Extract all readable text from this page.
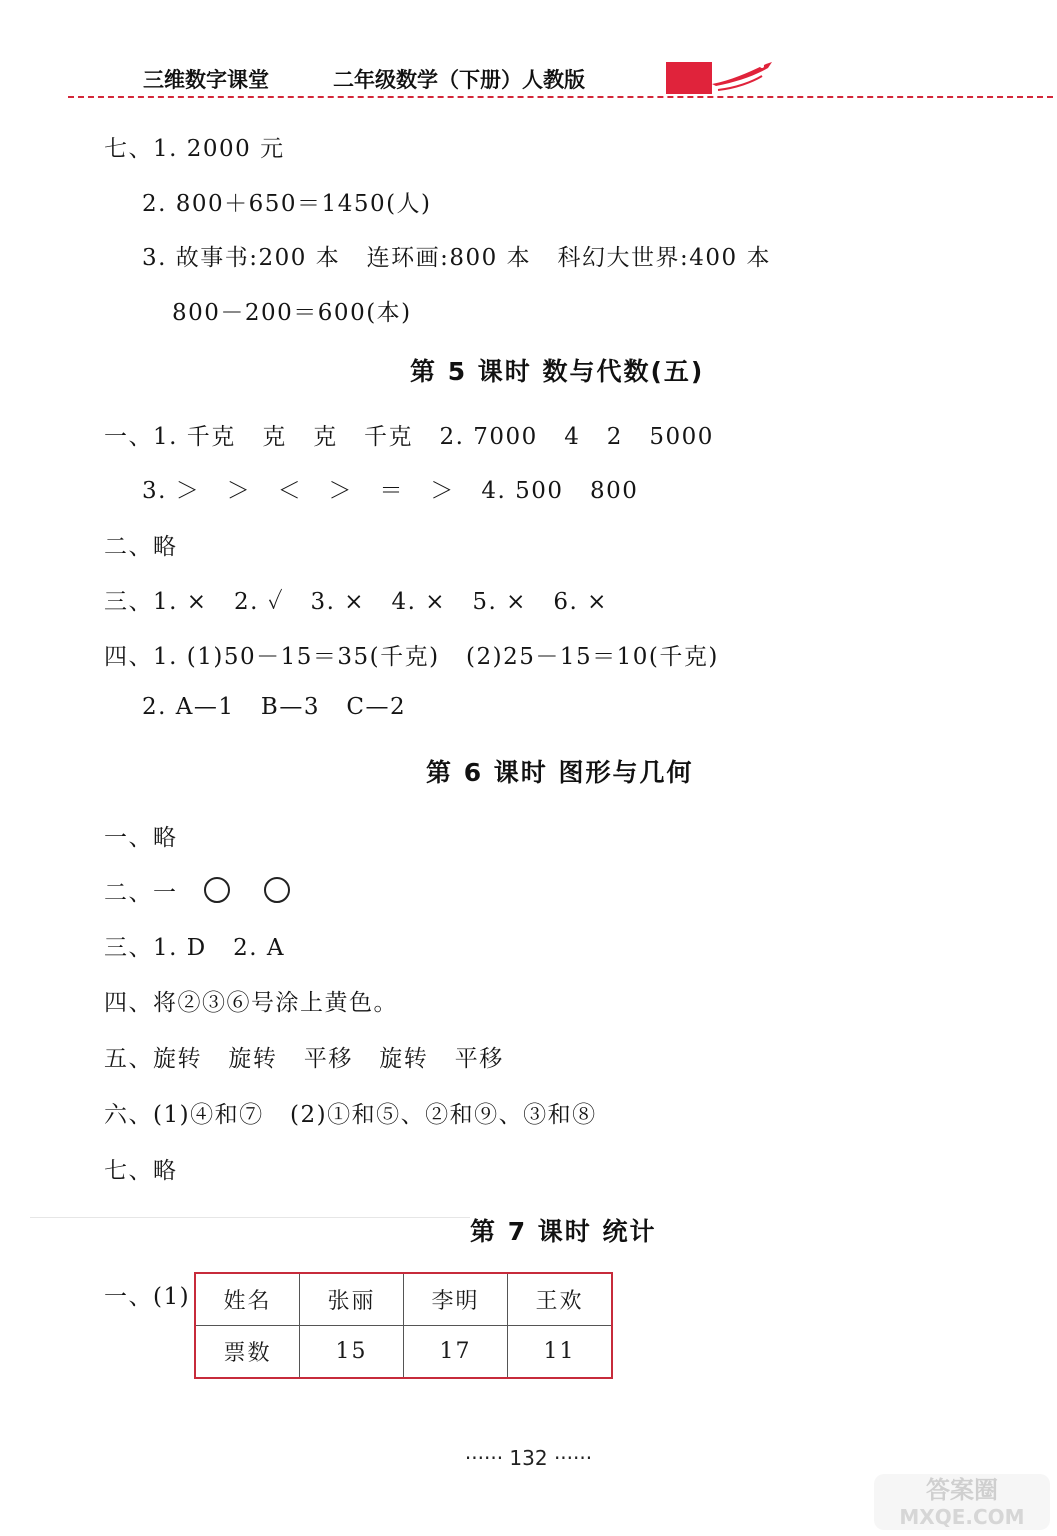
三维数字课堂	二年级数学（下册）人教版
七、1. 2000 元
2. 800＋650＝1450(人)
3. 故事书:200 本   连环画:800 本   科幻大世界:400 本
800－200＝600(本)
第 5 课时 数与代数(五)
一、1. 千克   克   克   千克   2. 7000   4   2   5000
3. ＞   ＞   ＜   ＞   ＝   ＞   4. 500   800
二、略
三、1. ×   2. ✓   3. ×   4. ×   5. ×   6. ×
四、1. (1)50－15＝35(千克)   (2)25－15＝10(千克)
2. A—1   B—3   C—2
第 6 课时 图形与几何
一、略
二、一
三、1. D   2. A
四、将②③⑥号涂上黄色。
五、旋转   旋转   平移   旋转   平移
六、(1)④和⑦   (2)①和⑤、②和⑨、③和⑧
七、略
第 7 课时 统计
一、(1) 姓名	张丽	李明	王欢
票数	15	17	11
······ 132 ······
答案圈
MXQE.COM
